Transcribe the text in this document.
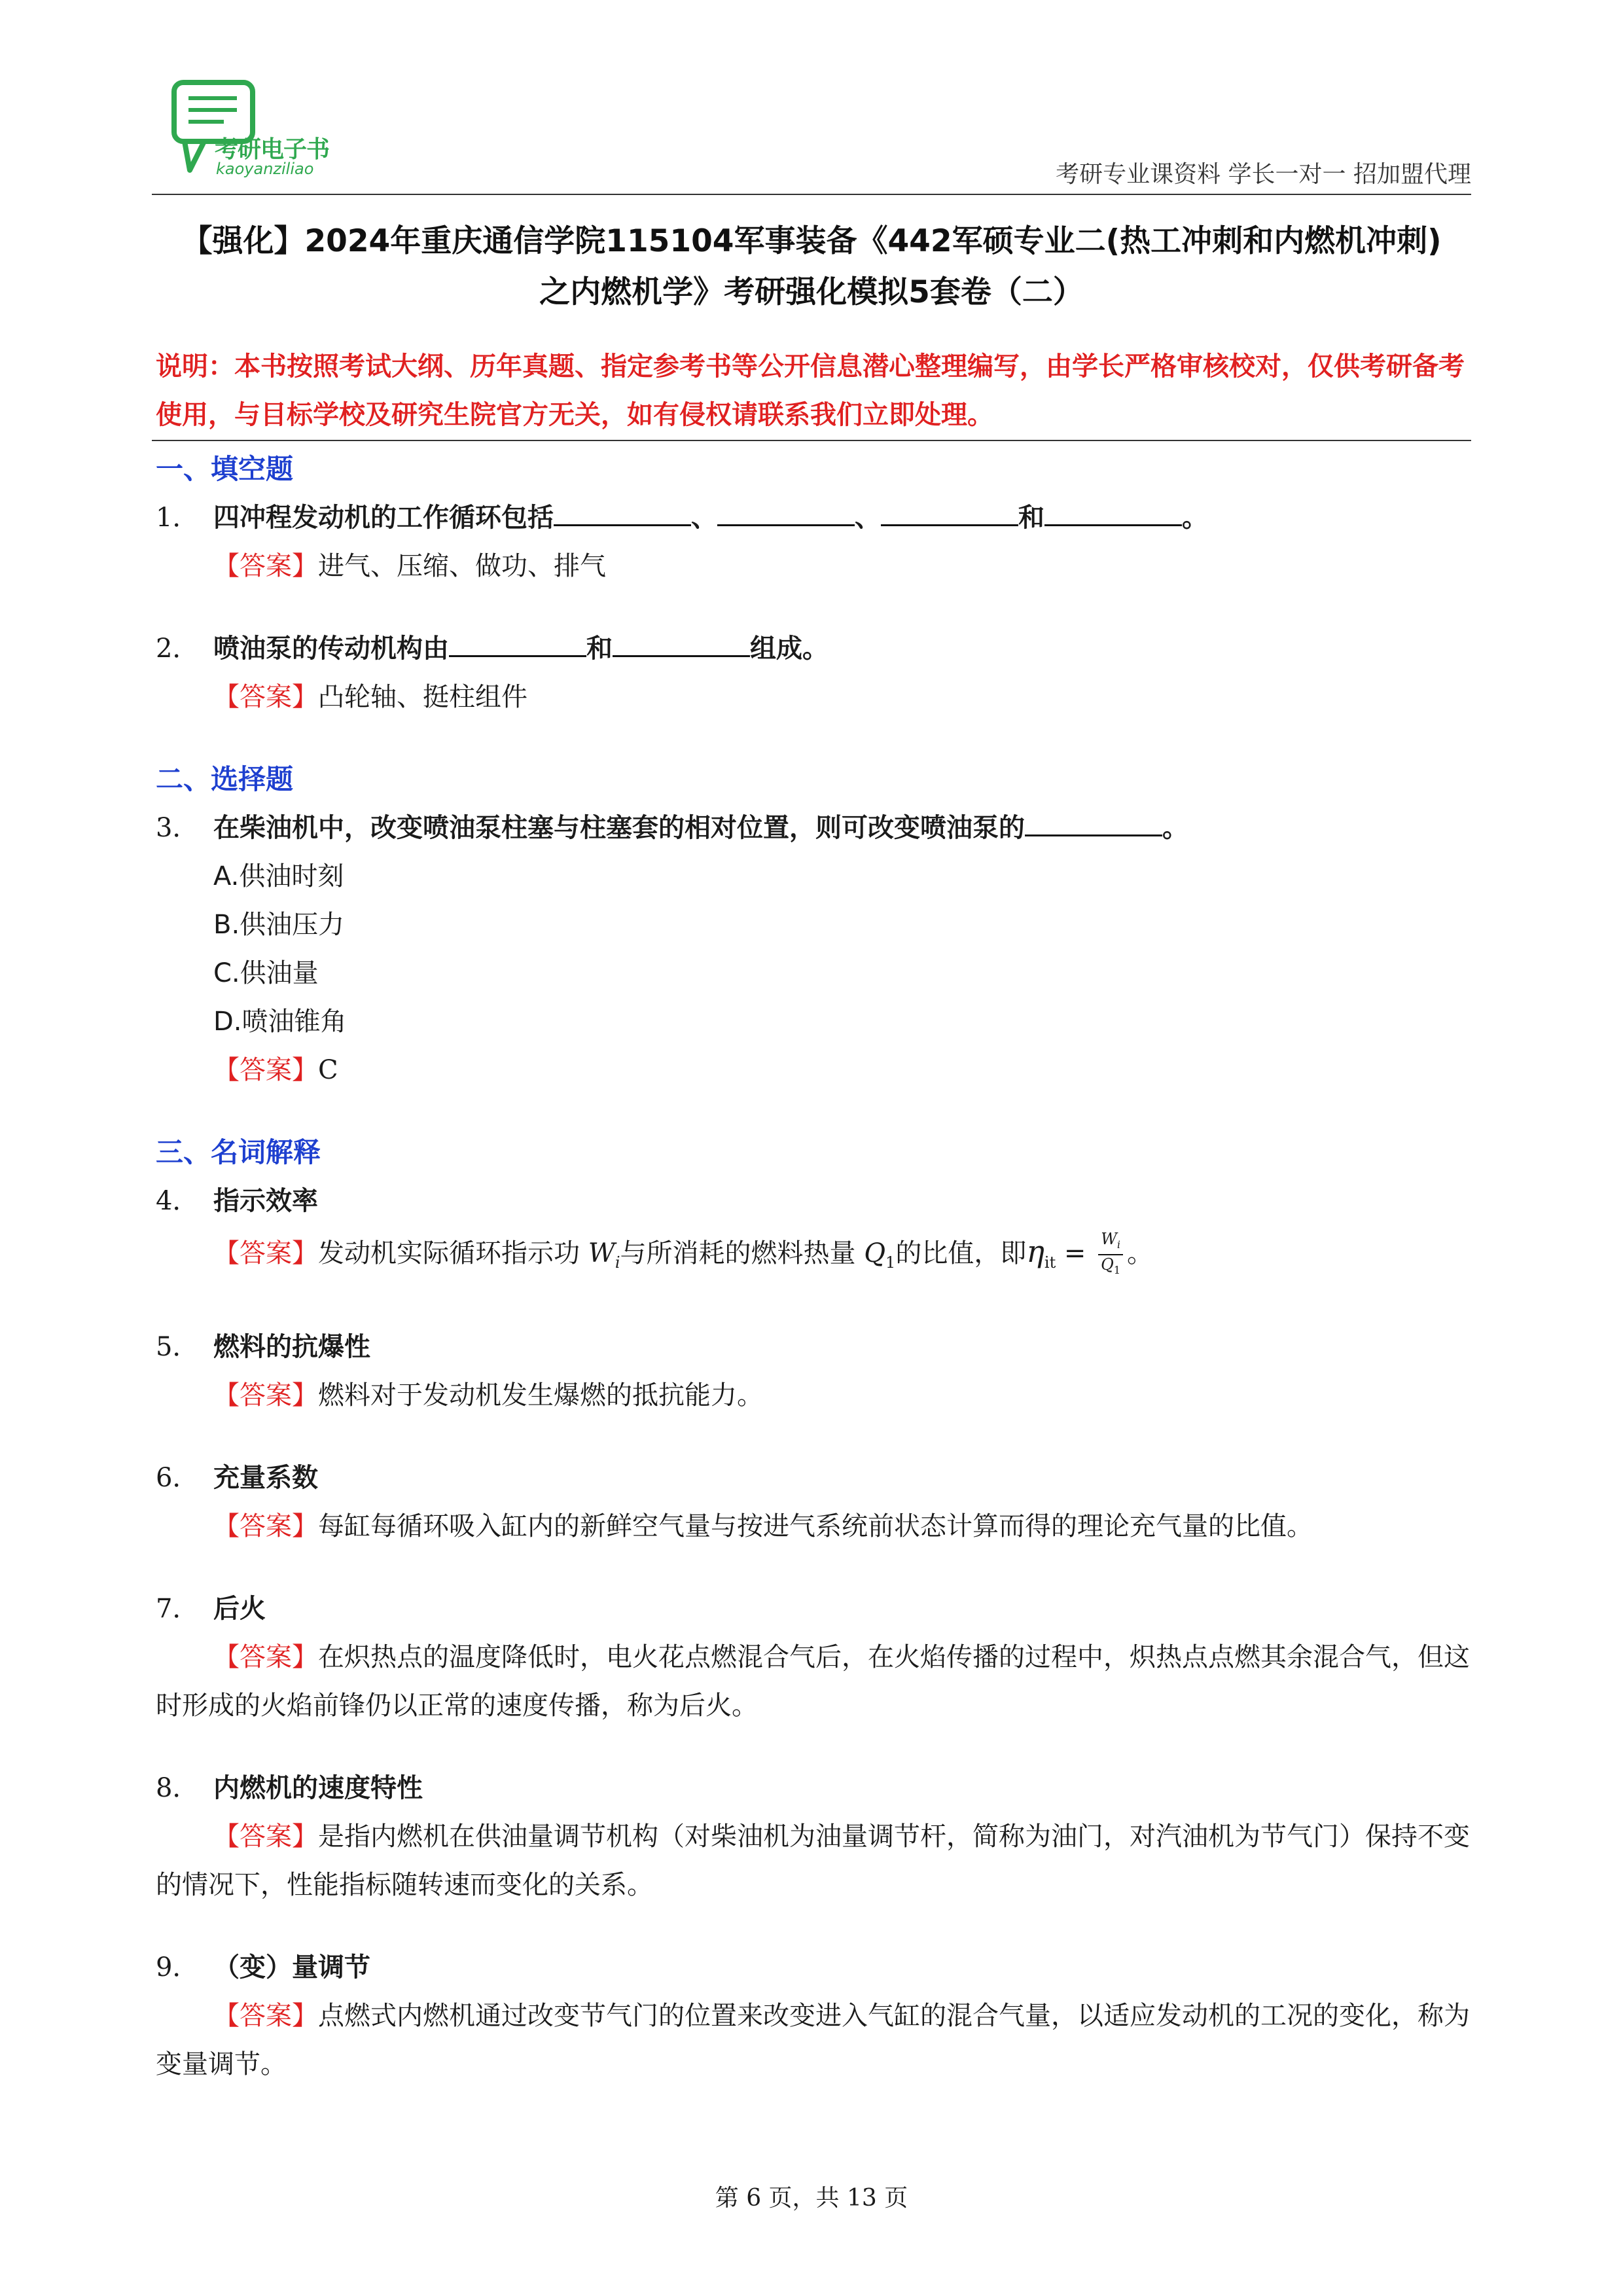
考研电子书
kaoyanziliao	考研专业课资料 学长一对一 招加盟代理
【强化】2024年重庆通信学院115104军事装备《442军硕专业二(热工冲刺和内燃机冲刺)
之内燃机学》考研强化模拟5套卷（二）
说明：本书按照考试大纲、历年真题、指定参考书等公开信息潜心整理编写，由学长严格审核校对，仅供考研备考使用，与目标学校及研究生院官方无关，如有侵权请联系我们立即处理。
一、填空题
1． 四冲程发动机的工作循环包括	、	、	和	。
【答案】进气、压缩、做功、排气
2． 喷油泵的传动机构由	和	组成。
【答案】凸轮轴、挺柱组件
二、选择题
3． 在柴油机中，改变喷油泵柱塞与柱塞套的相对位置，则可改变喷油泵的	。
A.供油时刻
B.供油压力
C.供油量
D.喷油锥角
【答案】C
三、名词解释
4． 指示效率
【答案】发动机实际循环指示功 $W_i$与所消耗的燃料热量 $Q_1$的比值，即$\eta_{it} = \frac{W_i}{Q_1}$ 。
5． 燃料的抗爆性
【答案】燃料对于发动机发生爆燃的抵抗能力。
6． 充量系数
【答案】每缸每循环吸入缸内的新鲜空气量与按进气系统前状态计算而得的理论充气量的比值。
7． 后火
【答案】在炽热点的温度降低时，电火花点燃混合气后，在火焰传播的过程中，炽热点点燃其余混合气，但这时形成的火焰前锋仍以正常的速度传播，称为后火。
8． 内燃机的速度特性
【答案】是指内燃机在供油量调节机构（对柴油机为油量调节杆，简称为油门，对汽油机为节气门）保持不变的情况下，性能指标随转速而变化的关系。
9． （变）量调节
【答案】点燃式内燃机通过改变节气门的位置来改变进入气缸的混合气量，以适应发动机的工况的变化，称为变量调节。
第 6 页，共 13 页
